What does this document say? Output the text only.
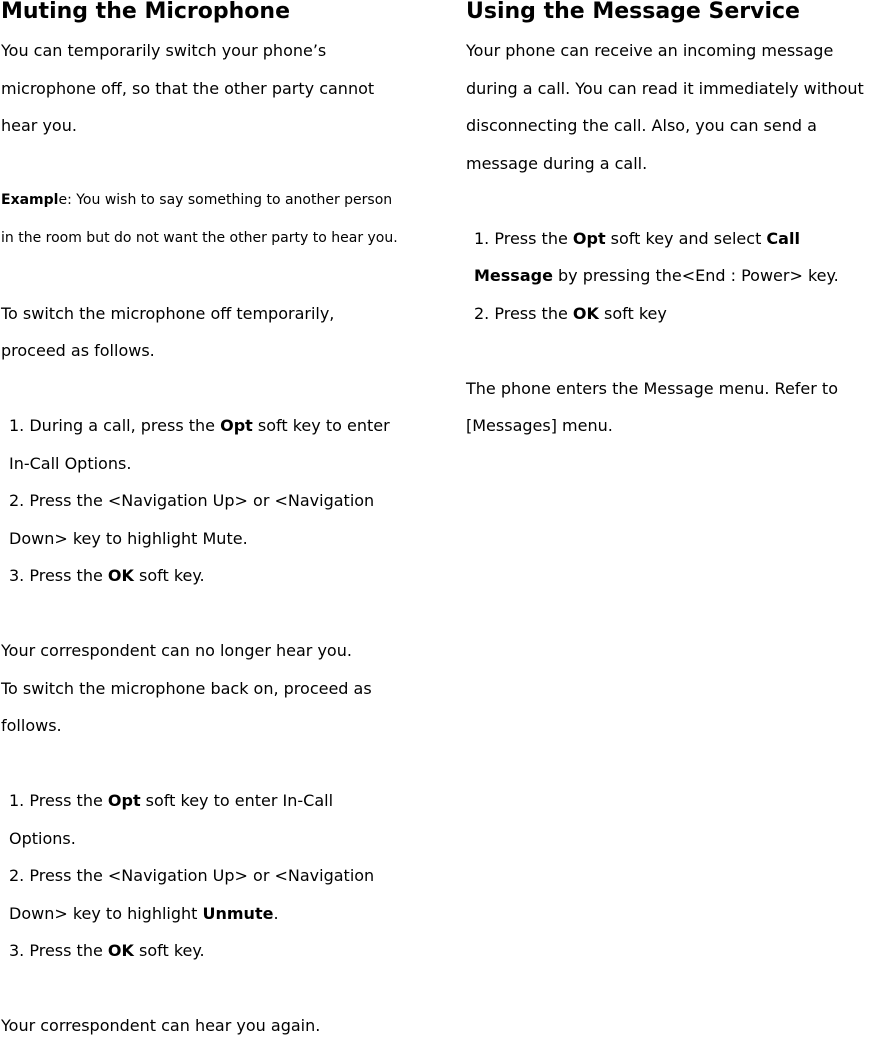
Muting the Microphone

You can temporarily switch your phone’s

microphone off, so that the other party cannot

hear you.

Example: You wish to say something to another person

in the room but do not want the other party to hear you.

To switch the microphone off temporarily,

proceed as follows.

1. During a call, press the Opt soft key to enter
In-Call Options.
2. Press the <Navigation Up> or <Navigation
Down> key to highlight Mute.
3. Press the OK soft key.

Your correspondent can no longer hear you.

To switch the microphone back on, proceed as

follows.

1. Press the Opt soft key to enter In-Call
Options.
2. Press the <Navigation Up> or <Navigation
Down> key to highlight Unmute.
3. Press the OK soft key.

Your correspondent can hear you again.

Using the Message Service

Your phone can receive an incoming message

during a call. You can read it immediately without

disconnecting the call. Also, you can send a

message during a call.

1. Press the Opt soft key and select Call
Message by pressing the<End : Power> key.
2. Press the OK soft key

The phone enters the Message menu. Refer to

[Messages] menu.
